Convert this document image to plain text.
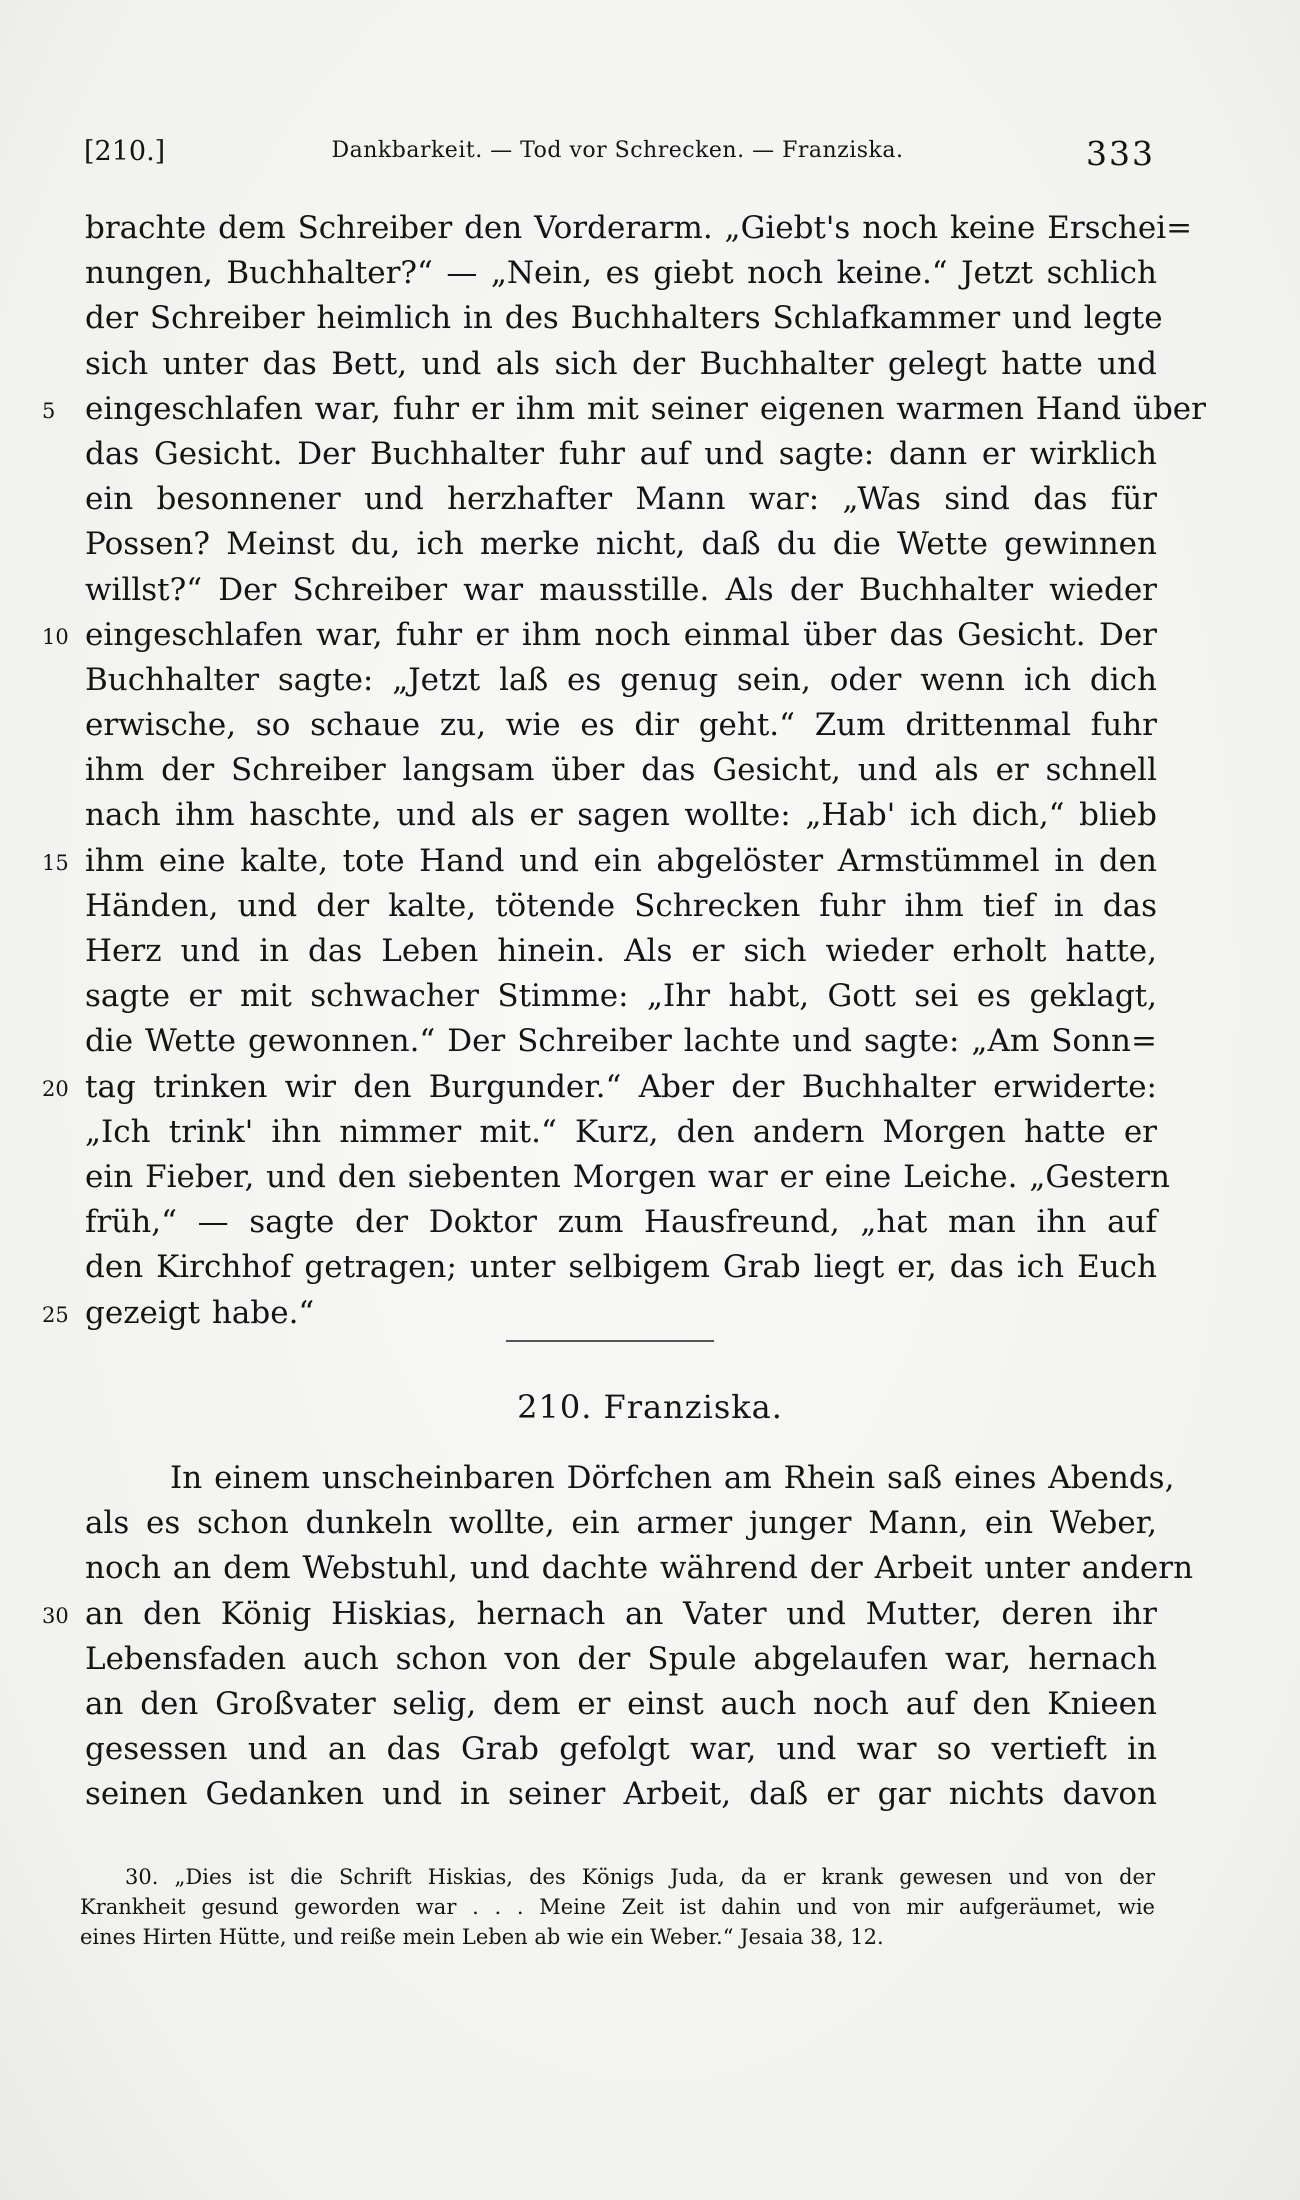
[210.]	Dankbarkeit. — Tod vor Schrecken. — Franziska.	333
brachte dem Schreiber den Vorderarm. „Giebt's noch keine Erschei=
nungen, Buchhalter?“ — „Nein, es giebt noch keine.“ Jetzt schlich
der Schreiber heimlich in des Buchhalters Schlafkammer und legte
sich unter das Bett, und als sich der Buchhalter gelegt hatte und
5 eingeschlafen war, fuhr er ihm mit seiner eigenen warmen Hand über
das Gesicht. Der Buchhalter fuhr auf und sagte: dann er wirklich
ein besonnener und herzhafter Mann war: „Was sind das für
Possen? Meinst du, ich merke nicht, daß du die Wette gewinnen
willst?“ Der Schreiber war mausstille. Als der Buchhalter wieder
10 eingeschlafen war, fuhr er ihm noch einmal über das Gesicht. Der
Buchhalter sagte: „Jetzt laß es genug sein, oder wenn ich dich
erwische, so schaue zu, wie es dir geht.“ Zum drittenmal fuhr
ihm der Schreiber langsam über das Gesicht, und als er schnell
nach ihm haschte, und als er sagen wollte: „Hab' ich dich,“ blieb
15 ihm eine kalte, tote Hand und ein abgelöster Armstümmel in den
Händen, und der kalte, tötende Schrecken fuhr ihm tief in das
Herz und in das Leben hinein. Als er sich wieder erholt hatte,
sagte er mit schwacher Stimme: „Ihr habt, Gott sei es geklagt,
die Wette gewonnen.“ Der Schreiber lachte und sagte: „Am Sonn=
20 tag trinken wir den Burgunder.“ Aber der Buchhalter erwiderte:
„Ich trink' ihn nimmer mit.“ Kurz, den andern Morgen hatte er
ein Fieber, und den siebenten Morgen war er eine Leiche. „Gestern
früh,“ — sagte der Doktor zum Hausfreund, „hat man ihn auf
den Kirchhof getragen; unter selbigem Grab liegt er, das ich Euch
25 gezeigt habe.“
210. Franziska.
In einem unscheinbaren Dörfchen am Rhein saß eines Abends,
als es schon dunkeln wollte, ein armer junger Mann, ein Weber,
noch an dem Webstuhl, und dachte während der Arbeit unter andern
30 an den König Hiskias, hernach an Vater und Mutter, deren ihr
Lebensfaden auch schon von der Spule abgelaufen war, hernach
an den Großvater selig, dem er einst auch noch auf den Knieen
gesessen und an das Grab gefolgt war, und war so vertieft in
seinen Gedanken und in seiner Arbeit, daß er gar nichts davon
30. „Dies ist die Schrift Hiskias, des Königs Juda, da er krank gewesen und von der
Krankheit gesund geworden war . . . Meine Zeit ist dahin und von mir aufgeräumet, wie
eines Hirten Hütte, und reiße mein Leben ab wie ein Weber.“ Jesaia 38, 12.
